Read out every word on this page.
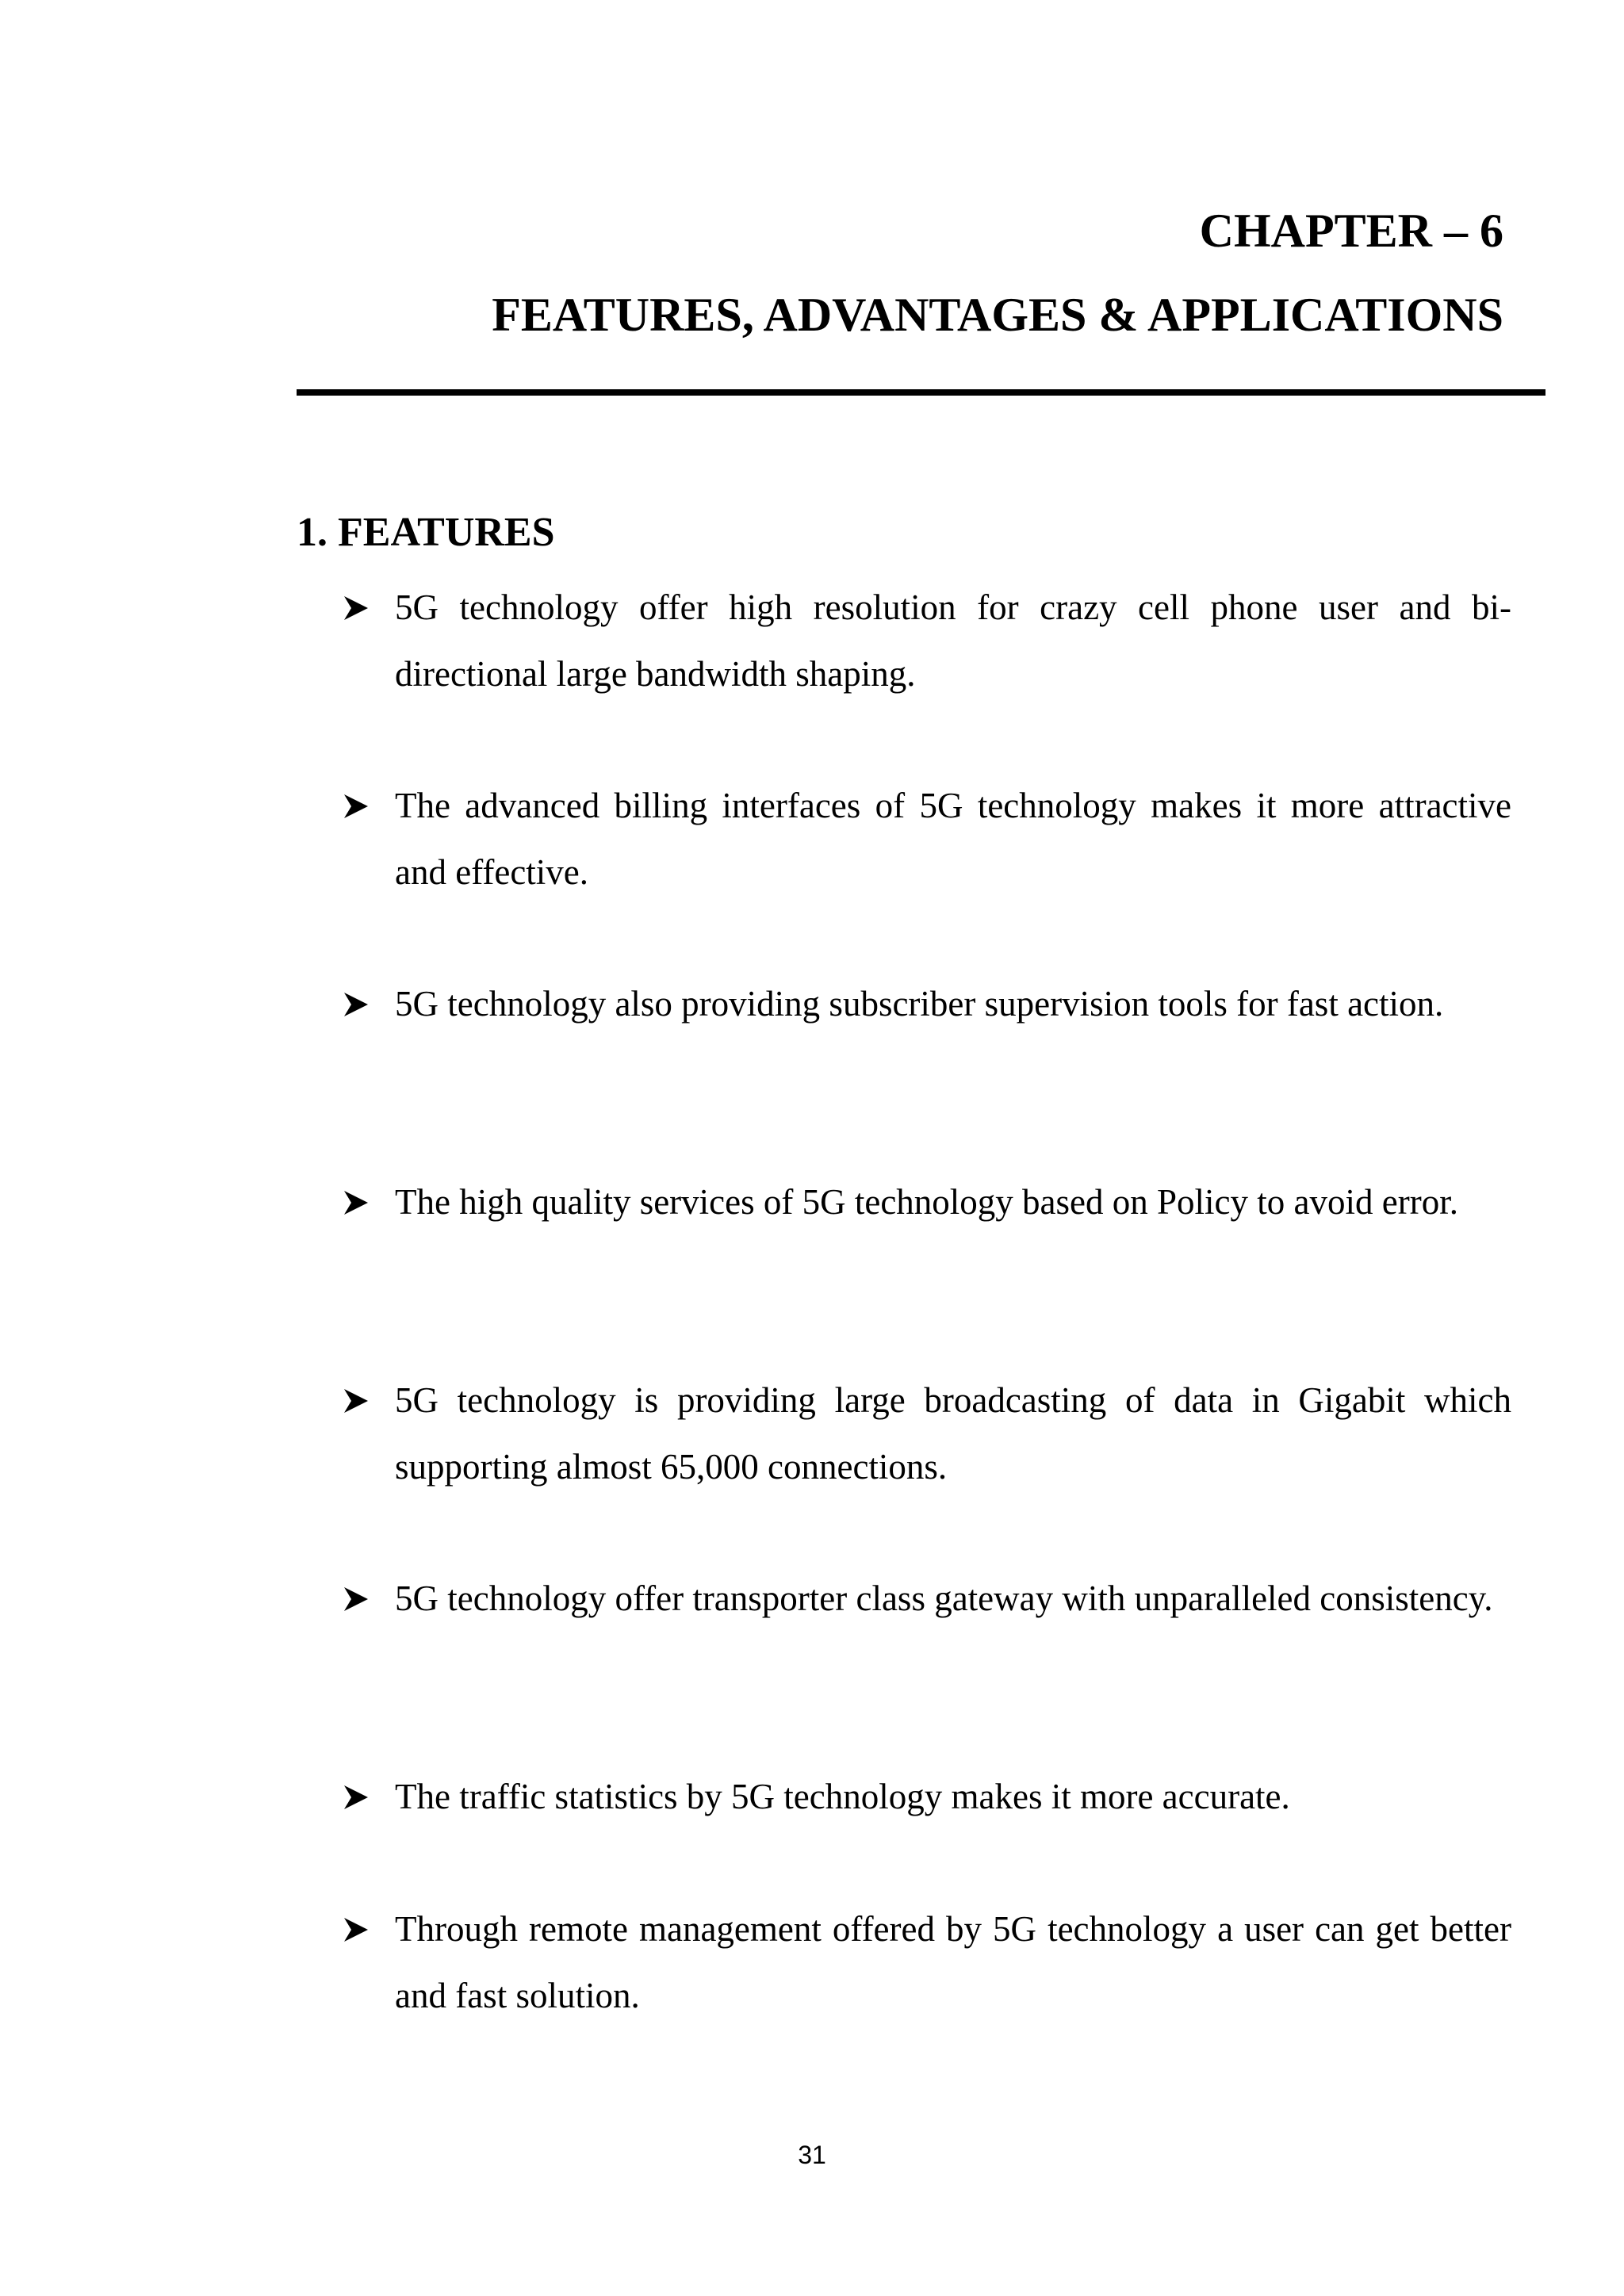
CHAPTER – 6
FEATURES, ADVANTAGES & APPLICATIONS
1. FEATURES
5G technology offer high resolution for crazy cell phone user and bi-directional large bandwidth shaping.
The advanced billing interfaces of 5G technology makes it more attractive and effective.
5G technology also providing subscriber supervision tools for fast action.
The high quality services of 5G technology based on Policy to avoid error.
5G technology is providing large broadcasting of data in Gigabit which supporting almost 65,000 connections.
5G technology offer transporter class gateway with unparalleled consistency.
The traffic statistics by 5G technology makes it more accurate.
Through remote management offered by 5G technology a user can get better and fast solution.
31
